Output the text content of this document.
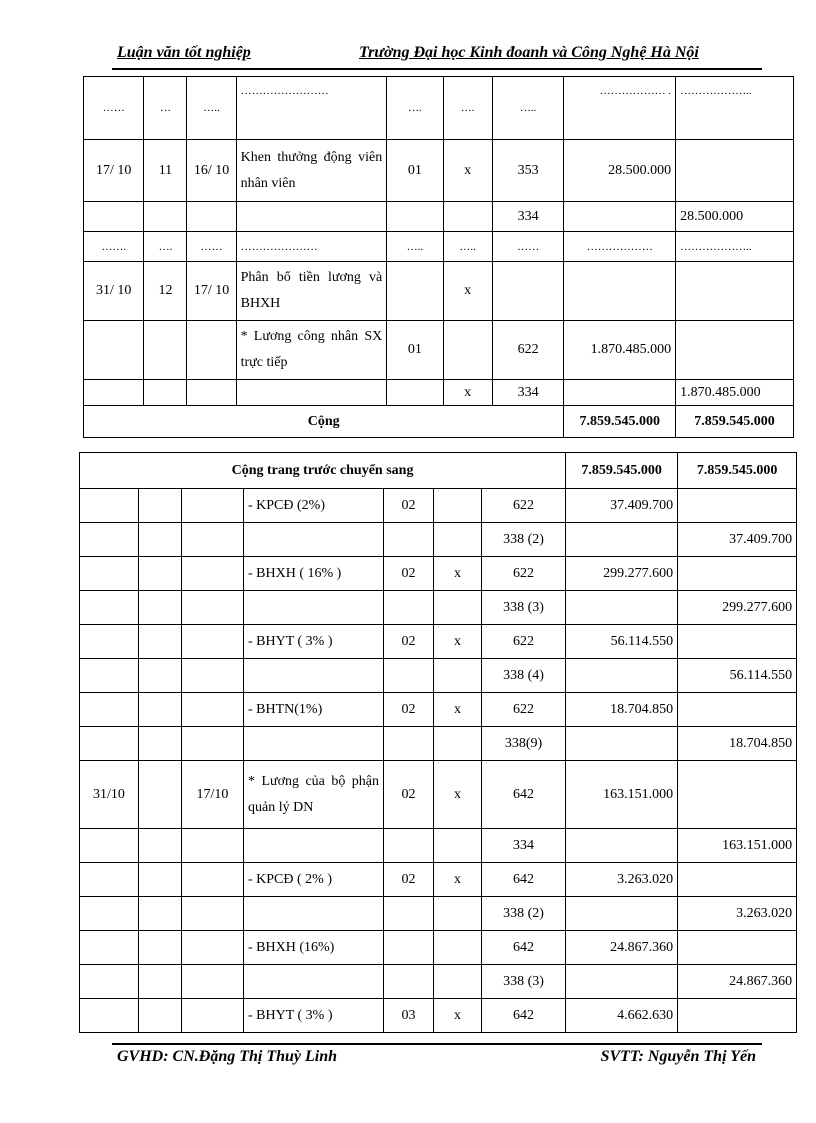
Luận văn tốt nghiệp	Trường Đại học Kinh đoanh và Công Nghệ Hà Nội
……	…	…..	……………………	….	….	…..	……………… .	………………..
17/ 10	11	16/ 10	Khen thưởng động viên nhân viên	01	x	353	28.500.000	
						334		28.500.000
…….	….	……	…………………	…..	…..	……	………………	………………..
31/ 10	12	17/ 10	Phân bổ tiền lương và BHXH		x			
			* Lương công nhân SX trực tiếp	01		622	1.870.485.000	
					x	334		1.870.485.000
Cộng							7.859.545.000	7.859.545.000
Cộng trang trước chuyển sang							7.859.545.000	7.859.545.000
			- KPCĐ (2%)	02		622	37.409.700	
						338 (2)		37.409.700
			- BHXH ( 16% )	02	x	622	299.277.600	
						338 (3)		299.277.600
			- BHYT ( 3% )	02	x	622	56.114.550	
						338 (4)		56.114.550
			- BHTN(1%)	02	x	622	18.704.850	
						338(9)		18.704.850
31/10		17/10	* Lương của bộ phận quản lý DN	02	x	642	163.151.000	
						334		163.151.000
			- KPCĐ ( 2% )	02	x	642	3.263.020	
						338 (2)		3.263.020
			- BHXH (16%)			642	24.867.360	
						338 (3)		24.867.360
			- BHYT ( 3% )	03	x	642	4.662.630	
GVHD: CN.Đặng Thị Thuỳ Linh	SVTT: Nguyễn Thị Yến
